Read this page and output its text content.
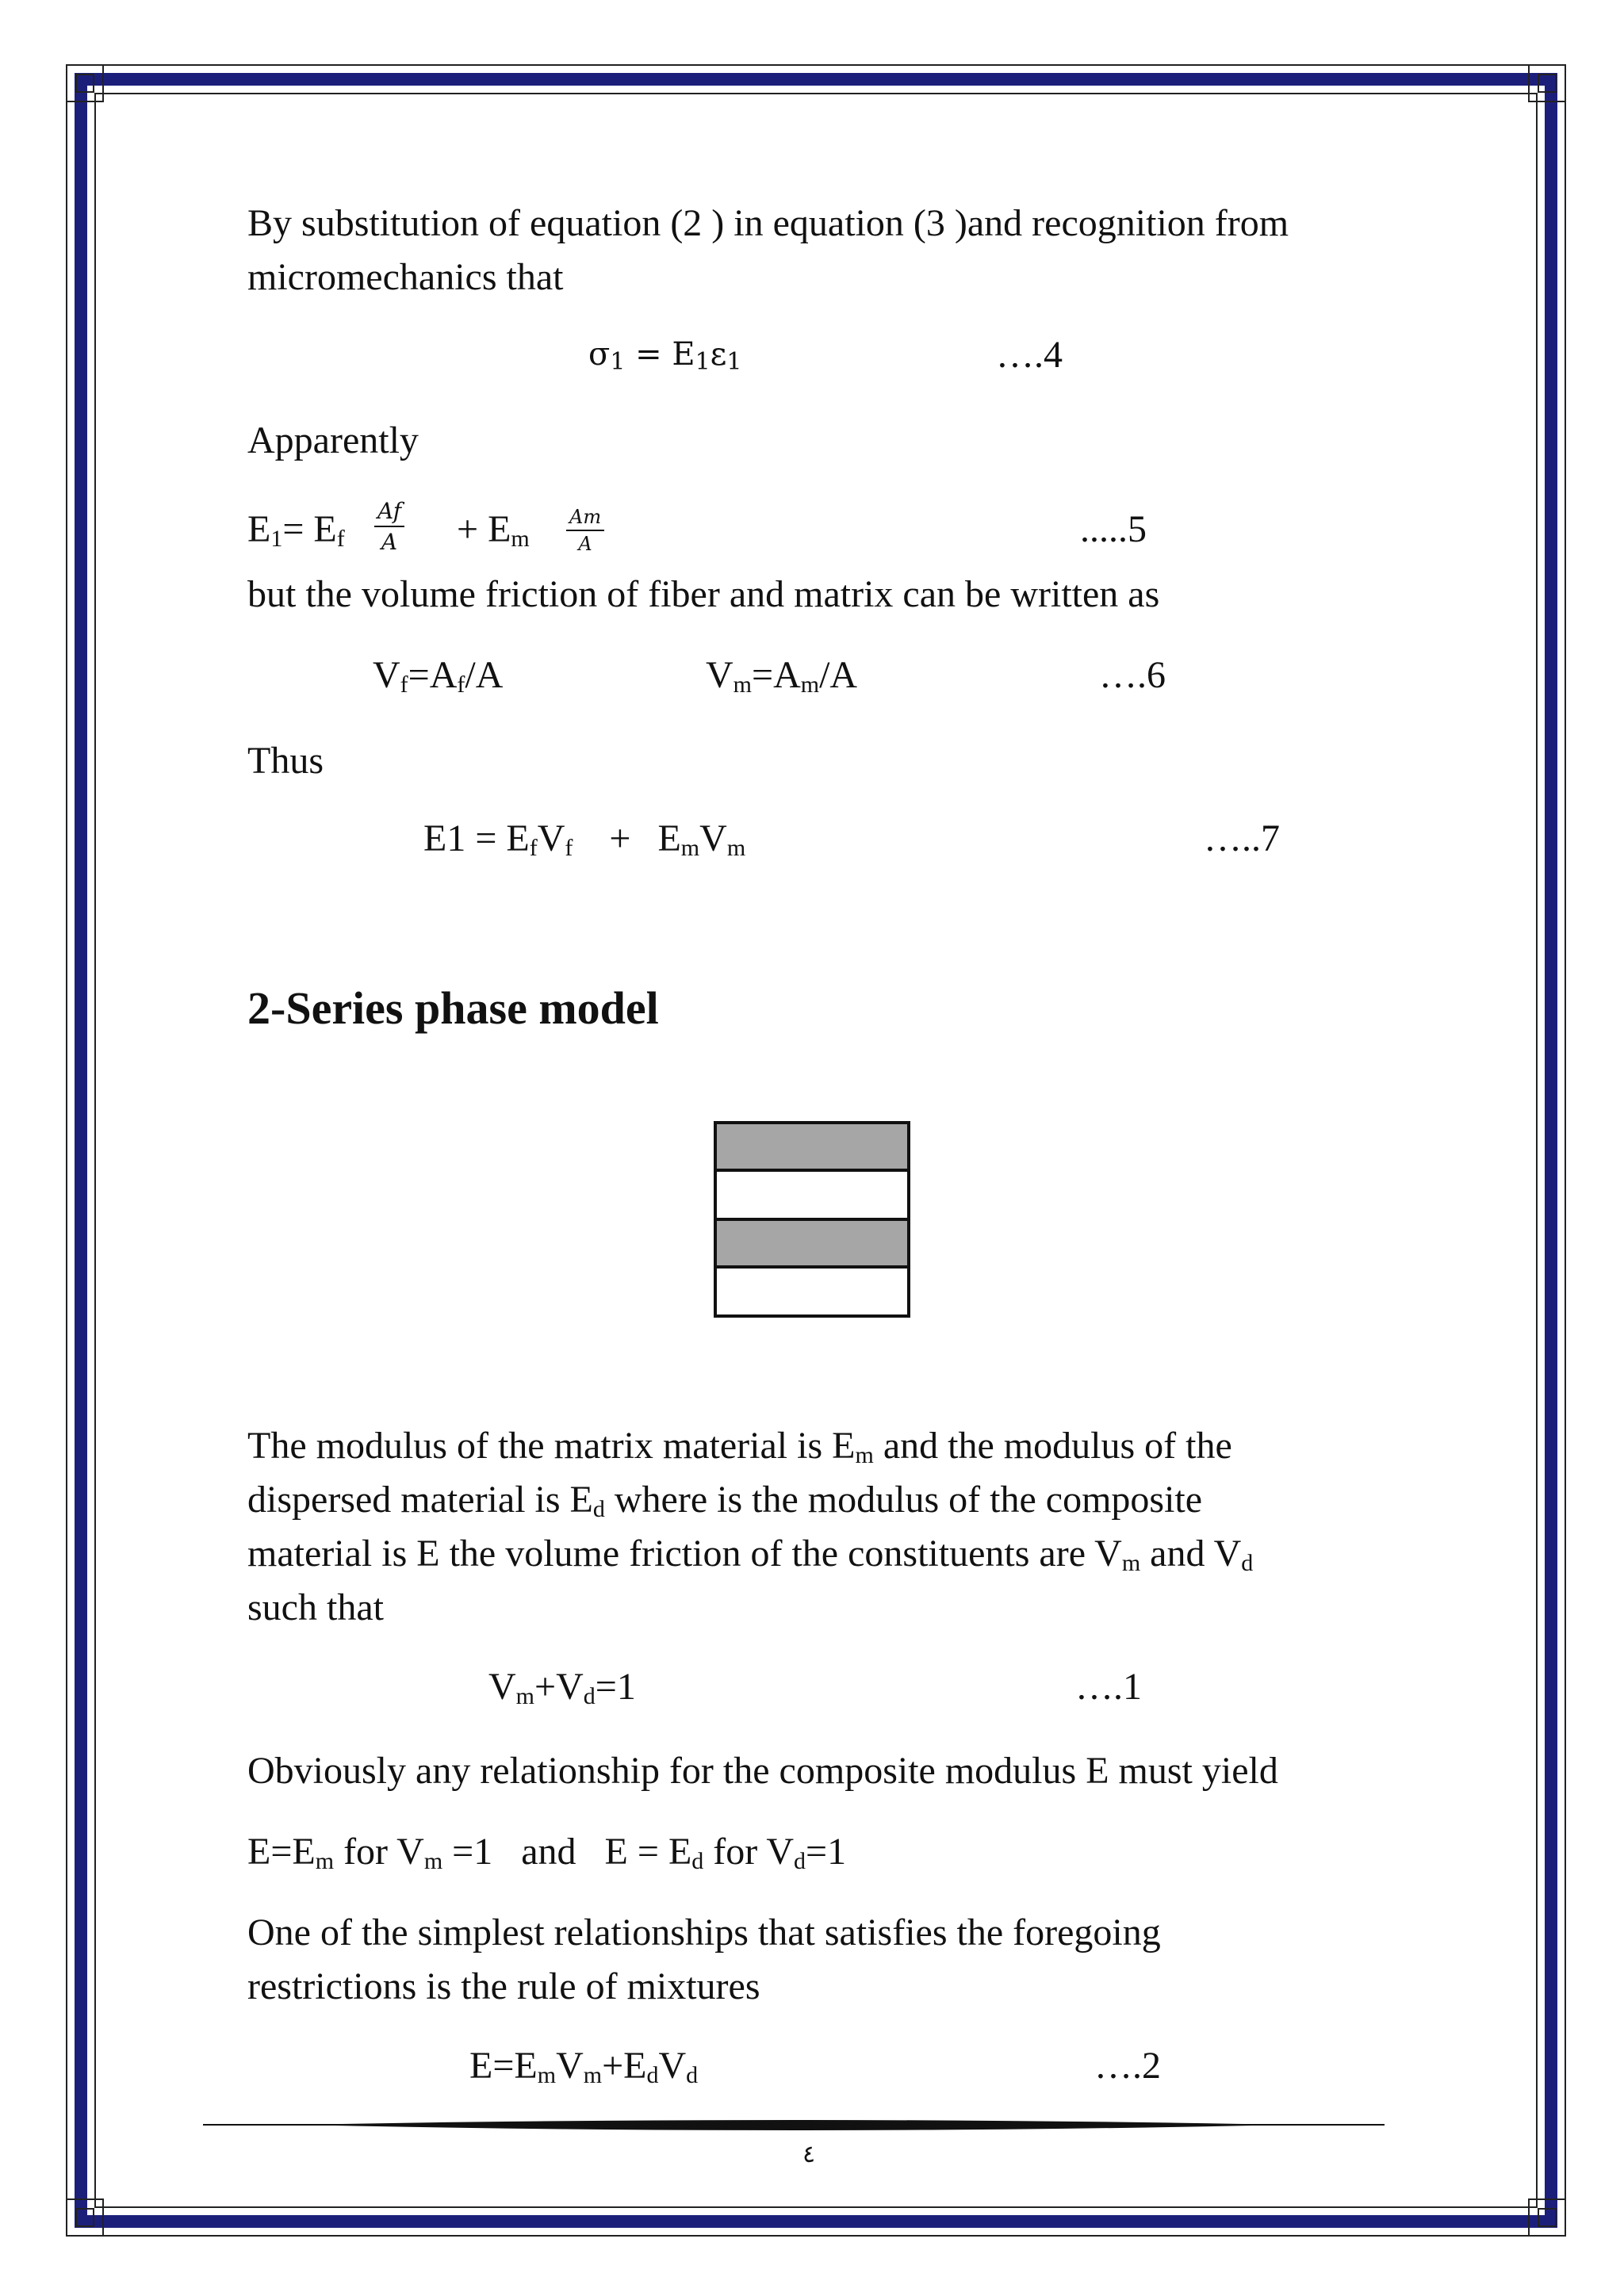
By substitution of equation (2 ) in equation (3 )and recognition from
micromechanics that
$\sigma_1 = E_1\varepsilon_1$	….4
Apparently
$E_1= E_f \frac{Af}{A} + E_m \frac{Am}{A}$	.....5
but the volume friction of fiber and matrix can be written as
$V_f=A_f/A$	$V_m=A_m/A$	….6
Thus
$E1 = E_fV_f + E_mV_m$	…..7
2-Series phase model
The modulus of the matrix material is $E_m$ and the modulus of the
dispersed material is $E_d$ where is the modulus of the composite
material is E the volume friction of the constituents are $V_m$ and $V_d$
such that
$V_m+V_d=1$	….1
Obviously any relationship for the composite modulus E must yield
$E=E_m$ for $V_m =1$   and   $E = E_d$ for $V_d=1$
One of the simplest relationships that satisfies the foregoing
restrictions is the rule of mixtures
$E=E_mV_m+E_dV_d$	….2
٤
